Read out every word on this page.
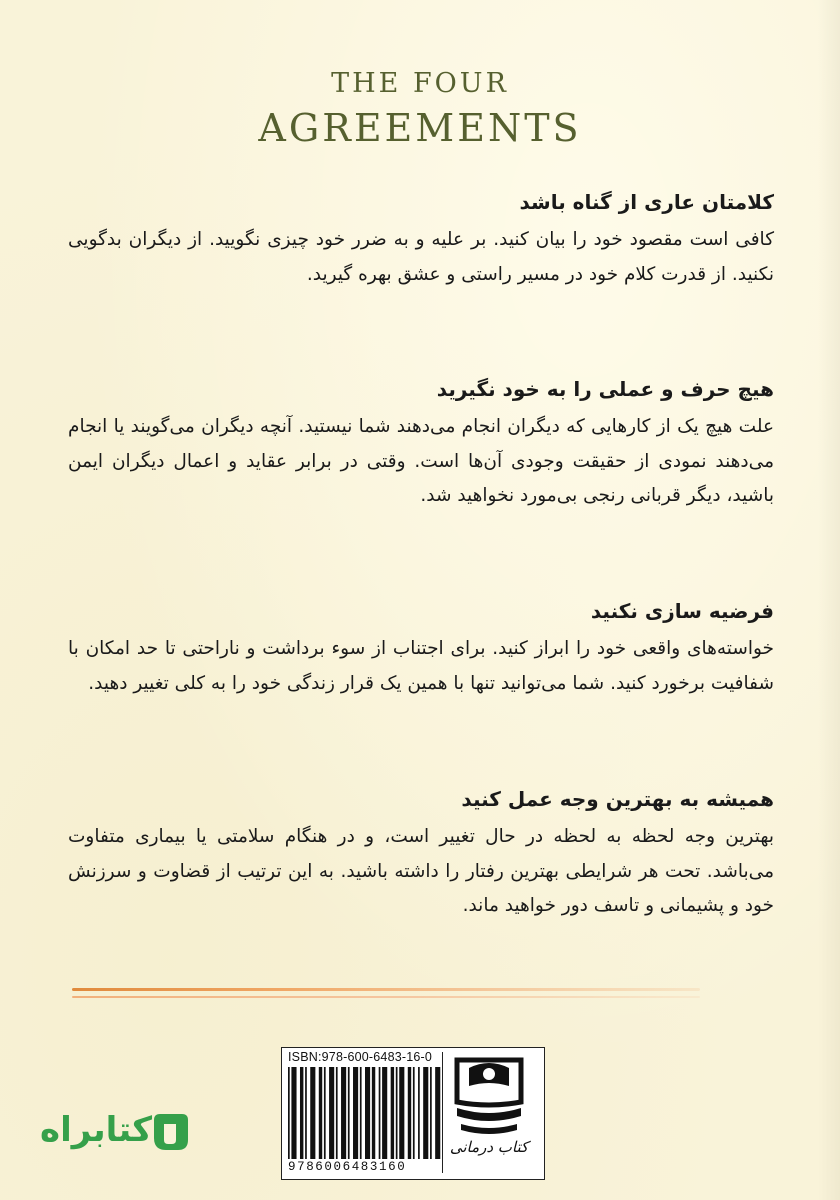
THE FOUR
AGREEMENTS

کلامتان عاری از گناه باشد

کافی است مقصود خود را بیان کنید. بر علیه و به ضرر خود چیزی نگویید. از دیگران بدگویی نکنید. از قدرت کلام خود در مسیر راستی و عشق بهره گیرید.

هیچ حرف و عملی را به خود نگیرید

علت هیچ یک از کارهایی که دیگران انجام می‌دهند شما نیستید. آنچه دیگران می‌گویند یا انجام می‌دهند نمودی از حقیقت وجودی آن‌ها است. وقتی در برابر عقاید و اعمال دیگران ایمن باشید، دیگر قربانی رنجی بی‌مورد نخواهید شد.

فرضیه سازی نکنید

خواسته‌های واقعی خود را ابراز کنید. برای اجتناب از سوء برداشت و ناراحتی تا حد امکان با شفافیت برخورد کنید. شما می‌توانید تنها با همین یک قرار زندگی خود را به کلی تغییر دهید.

همیشه به بهترین وجه عمل کنید

بهترین وجه لحظه به لحظه در حال تغییر است، و در هنگام سلامتی یا بیماری متفاوت می‌باشد. تحت هر شرایطی بهترین رفتار را داشته باشید. به این ترتیب از قضاوت و سرزنش خود و پشیمانی و تاسف دور خواهید ماند.

کتابراه
ISBN:978-600-6483-16-0
9786006483160
کتاب درمانی
